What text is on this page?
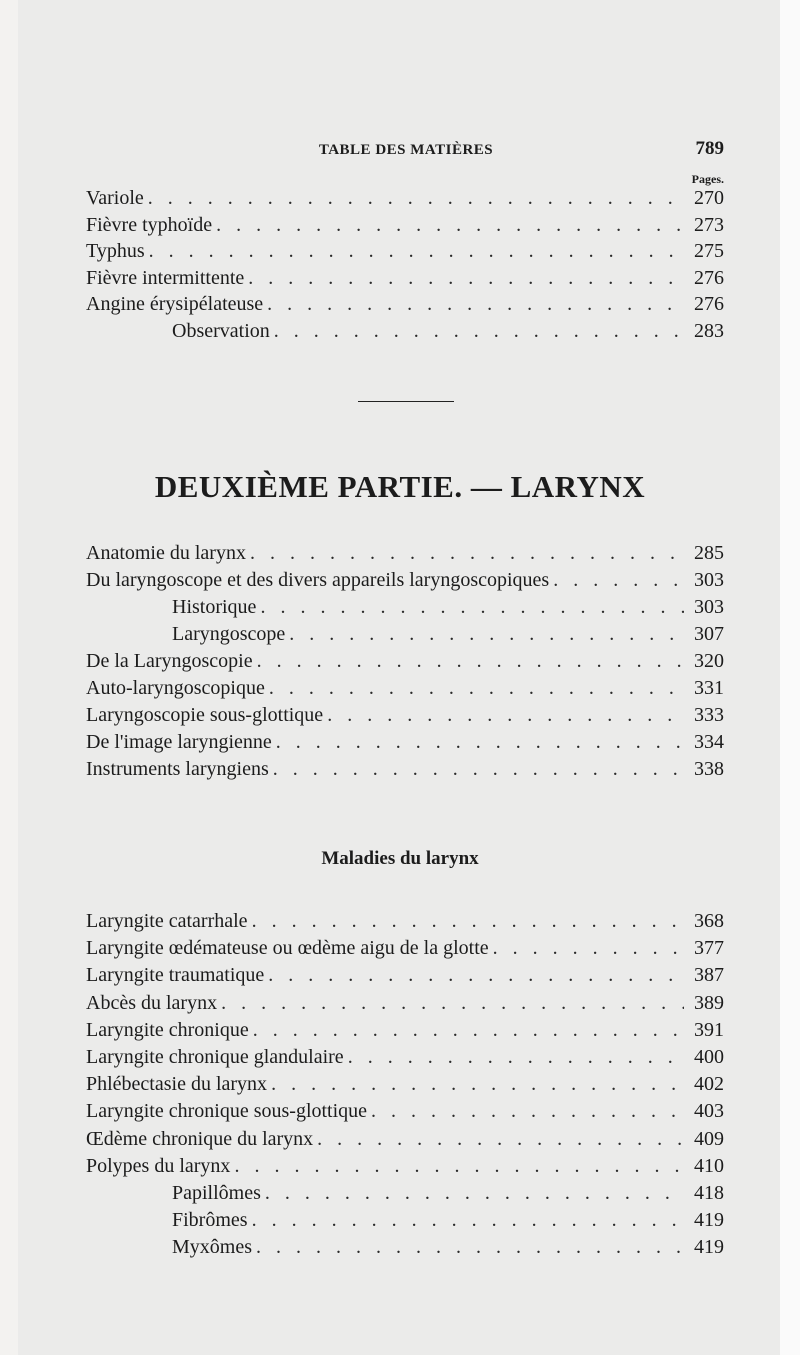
TABLE DES MATIÈRES	789
Pages.
Variole . . .	270
Fièvre typhoïde . . .	273
Typhus . . .	275
Fièvre intermittente . . .	276
Angine érysipélateuse . . .	276
Observation . . .	283
DEUXIÈME PARTIE. — LARYNX
Anatomie du larynx . . .	285
Du laryngoscope et des divers appareils laryngoscopiques . . .	303
Historique . . .	303
Laryngoscope . . .	307
De la Laryngoscopie . . .	320
Auto-laryngoscopique . . .	331
Laryngoscopie sous-glottique . . .	333
De l'image laryngienne . . .	334
Instruments laryngiens . . .	338
Maladies du larynx
Laryngite catarrhale . . .	368
Laryngite œdémateuse ou œdème aigu de la glotte . . .	377
Laryngite traumatique . . .	387
Abcès du larynx . . .	389
Laryngite chronique . . .	391
Laryngite chronique glandulaire . . .	400
Phlébectasie du larynx . . .	402
Laryngite chronique sous-glottique . . .	403
Œdème chronique du larynx . . .	409
Polypes du larynx . . .	410
Papillômes . . .	418
Fibrômes . . .	419
Myxômes . . .	419
